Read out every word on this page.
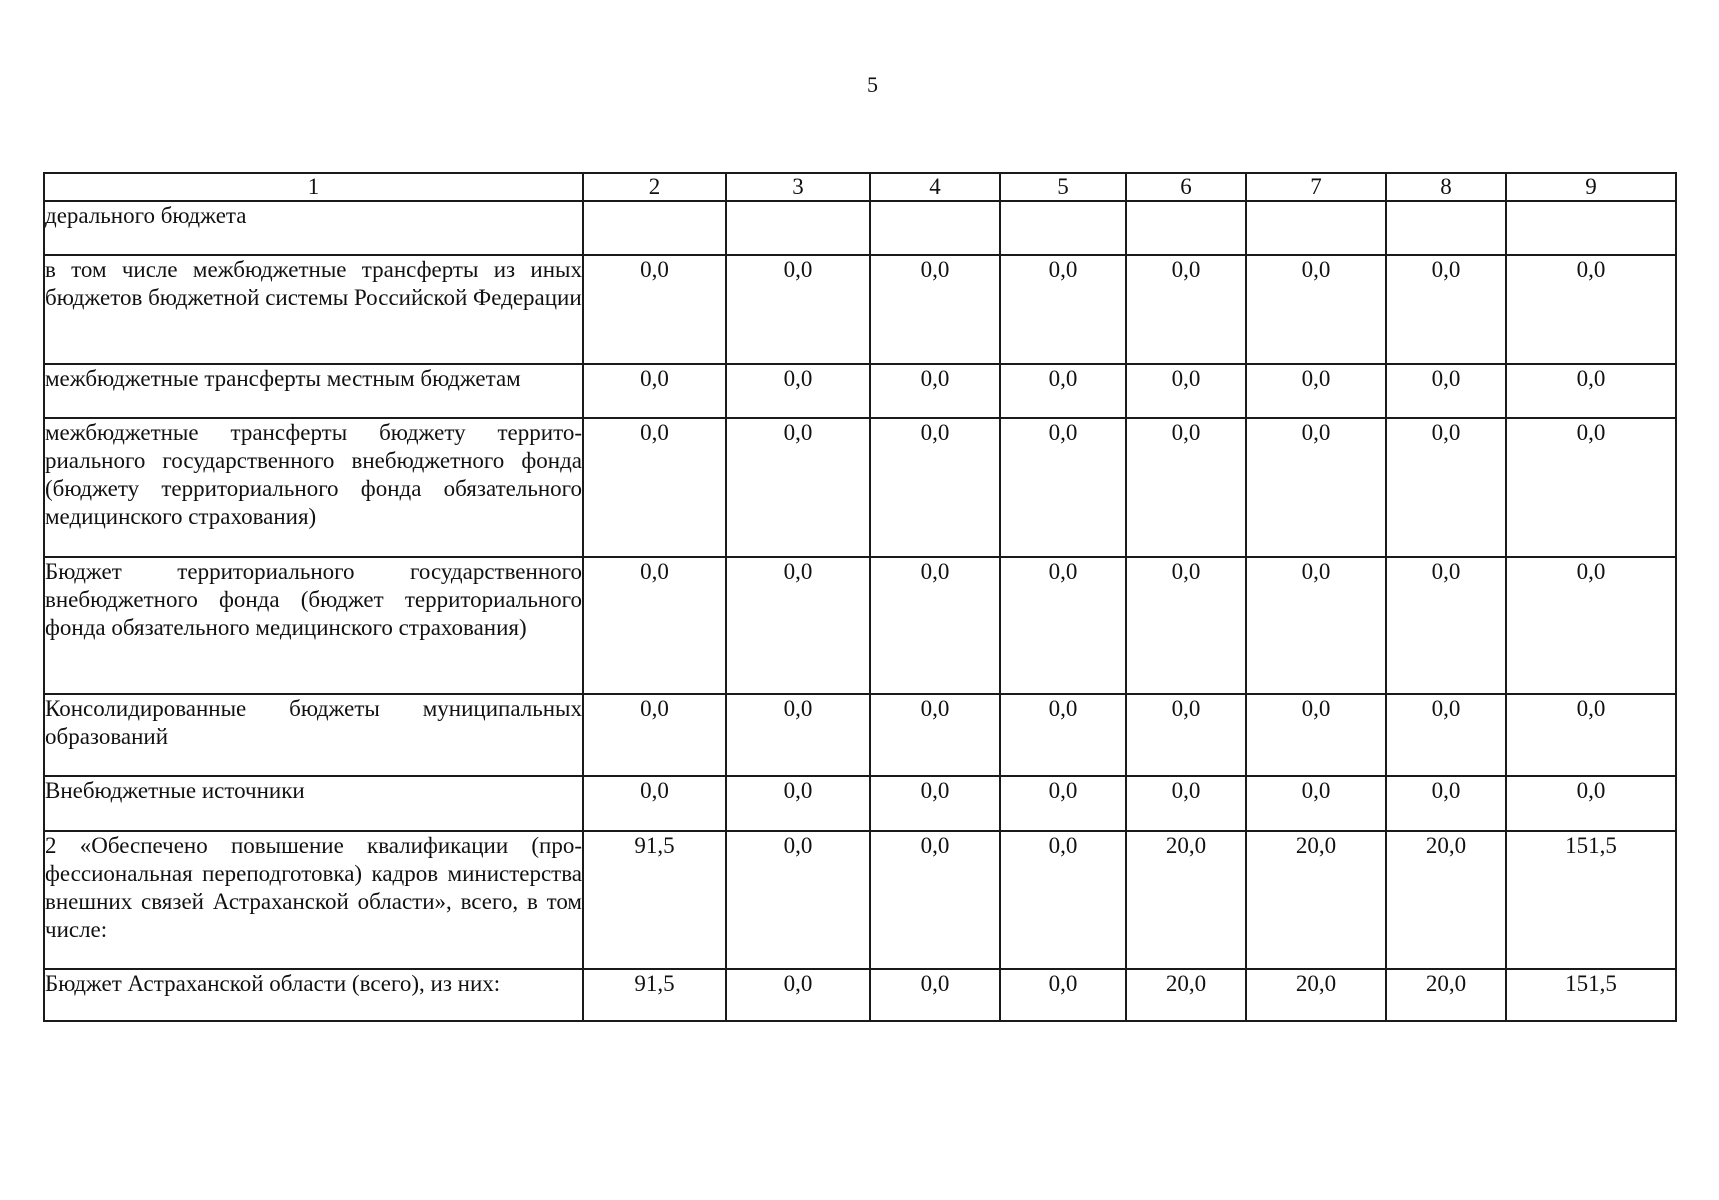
5
1	2	3	4	5	6	7	8	9
дерального бюджета								
в том числе межбюджетные трансферты из иных бюджетов бюджетной системы Российской Федерации	0,0	0,0	0,0	0,0	0,0	0,0	0,0	0,0
межбюджетные трансферты местным бюджетам	0,0	0,0	0,0	0,0	0,0	0,0	0,0	0,0
межбюджетные трансферты бюджету территориального государственного внебюджетного фонда (бюджету территориального фонда обязательного медицинского страхования)	0,0	0,0	0,0	0,0	0,0	0,0	0,0	0,0
Бюджет территориального государственного внебюджетного фонда (бюджет территориального фонда обязательного медицинского страхования)	0,0	0,0	0,0	0,0	0,0	0,0	0,0	0,0
Консолидированные бюджеты муниципальных образований	0,0	0,0	0,0	0,0	0,0	0,0	0,0	0,0
Внебюджетные источники	0,0	0,0	0,0	0,0	0,0	0,0	0,0	0,0
2 «Обеспечено повышение квалификации (профессиональная переподготовка) кадров министерства внешних связей Астраханской области», всего, в том числе:	91,5	0,0	0,0	0,0	20,0	20,0	20,0	151,5
Бюджет Астраханской области (всего), из них:	91,5	0,0	0,0	0,0	20,0	20,0	20,0	151,5
